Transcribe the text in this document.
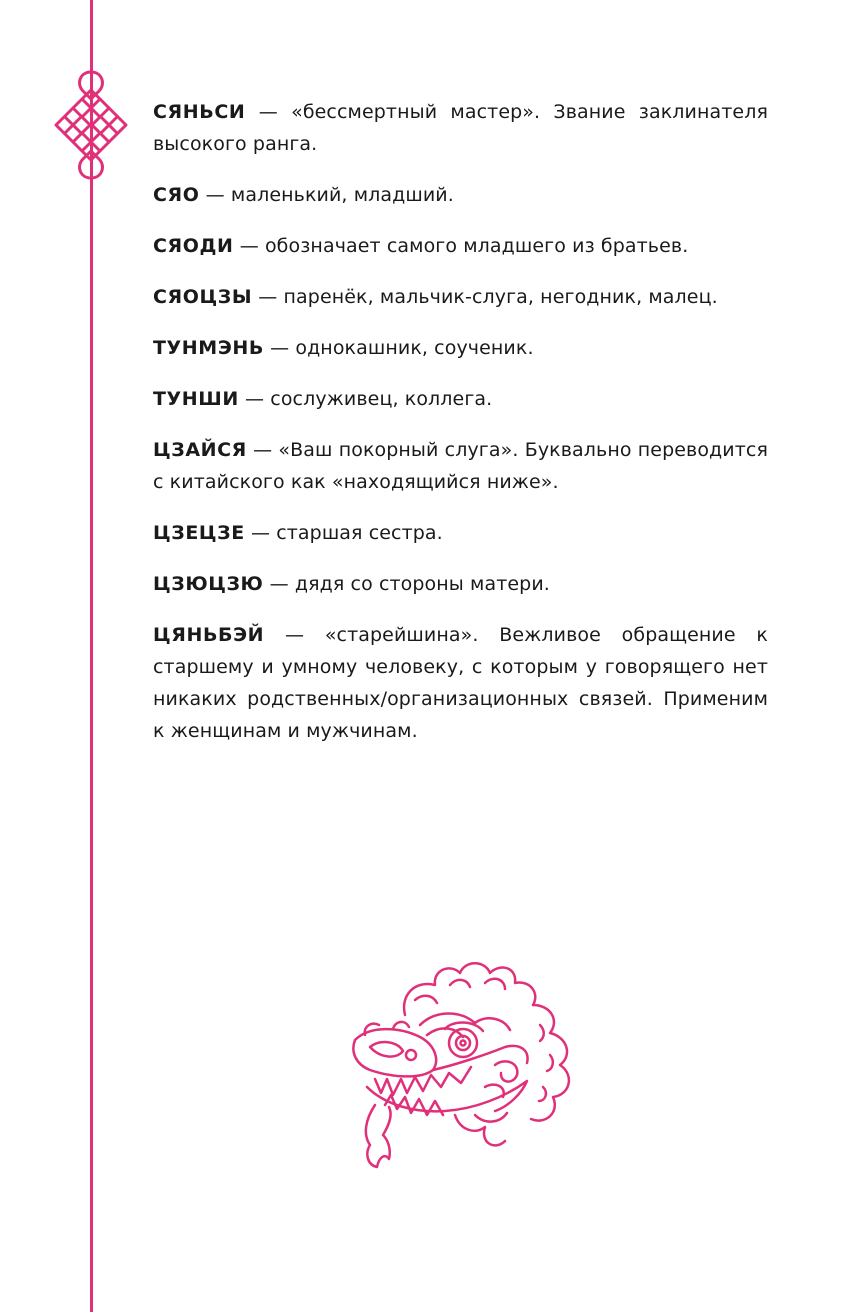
СЯНЬСИ — «бессмертный мастер». Звание заклинателя высокого ранга.

СЯО — маленький, младший.

СЯОДИ — обозначает самого младшего из братьев.

СЯОЦЗЫ — паренёк, мальчик-слуга, негодник, малец.

ТУНМЭНЬ — однокашник, соученик.

ТУНШИ — сослуживец, коллега.

ЦЗАЙСЯ — «Ваш покорный слуга». Буквально переводится с китайского как «находящийся ниже».

ЦЗЕЦЗЕ — старшая сестра.

ЦЗЮЦЗЮ — дядя со стороны матери.

ЦЯНЬБЭЙ — «старейшина». Вежливое обращение к старшему и умному человеку, с которым у говорящего нет никаких родственных/организационных связей. Применим к женщинам и мужчинам.
